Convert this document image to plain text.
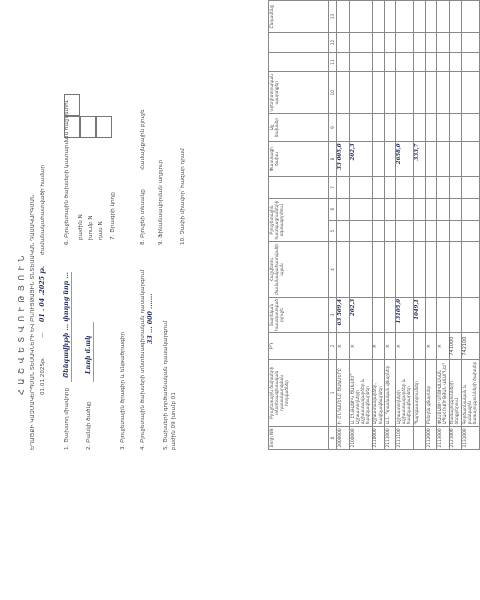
Հ Ա Շ Վ Ե Տ Վ Ո Ւ Թ Յ Ո Ւ Ն ԵՂԱԾՔԻ ԿԱԶՄԱԿԵՐՊՄԱՆ ՏԵՍԱԿՆԵՐԻ ԵՎ ԲՆՈՒՅԹԱՅԻՆ ՏՆՏԵՍԱԿԱՆ ԴԱՍԱԿԱՐԳՄԱՆ 01.01.2025թ.
—
01 . 04 .2025 թ.
ժամանակահատվածի համար
1. Ծախսող միավորը
Շենգավիթի ․․․ փողոց նոր ․․․
2. Բանկի ծածկը
Լոռի մ․ակ	3. Բյուջետային ծրագիր և ենթածրագիր	4. Բյուջետային ծախսերի տնտեսագիտական դասակարգում 33 ․․․ 000 ․․․․․․․
5. Ծախսերի գործառնական դասակարգում բաժին 09 խումբ 01
6. Բյուջետային ծախսերի կատարման հաշվետու բաժին N խումբ N դաս N 7. Ծրագրի կոդը	8. Բյուջեի տեսակը
Համայնքային բյուջե
9. Ֆինանսավորման աղբյուր	10. Չափի միավոր՝ հազար դրամ
Տողի NN	Բյուջետային ծախսերի տնտեսագիտական դասակարգման հոդվածներ	ԲԴ	Տարեկան հաստատված բյուջե	Հաշվետու ժամանակահատվածի պլան	Բյուջետային հատկացումների օգտագործում			Փաստացի ծախս	Այլ ծախսեր	Կրեդիտորական պարտքեր			Ընդամենը
0	1	2	3	4	5	6	7	8	9	10	11	12	13
2000000	Ի. ԸՆԴԱՄԵՆԸ ԾԱԽՍԵՐԸ	×	63 509,4					33 005,0					
2100000	Ա. ԸՆԹԱՑԻԿ ԾԱԽՍԵՐ՝ Աշխատողների աշխատավարձեր և հավելավճարներ	×	202,3					202,3					
2110000	Աշխատավարձեր, հավելավճարներ	×											
2111000	Ա.1. Դրամական վճարներ	×											
2111100	Աշխատողների աշխատավարձեր և հավելավճարներ	×	13105,0					2658,0					
	Պարգևատրումներ		1049,1					333,7					
2112000	Բնեղեն վճարներ	×											
2113000	ՓԱՍՏԱՑԻ ՍՈՑԻԱԼԱԿԱՆ ԱՊԱՀՈՎՈՒԹՅԱՆ ՎՃԱՐՆԵՐ	×											
2121000	Ծառայությունների ձեռքբերում	741000											
2131000	Գործառնական և բանկային ծառայությունների ծախսեր	742100											
